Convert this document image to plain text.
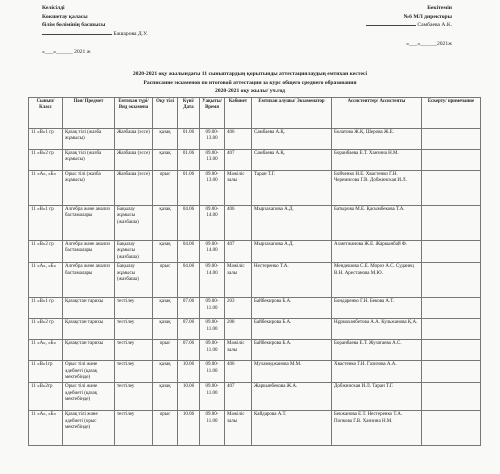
Келісілді
Көкшетау қаласы
білім бөлімінің басшысы
Башарова Д.У.
«___»______ 2021 ж
Бекітемін
№6 МЛ директоры
Самбаева А.К.
«___»______2021ж
2020-2021 оқу жылындағы 11 сыныптардың қорытынды аттестациялаудың емтихан кестесі
Расписание экзаменов по итоговой аттестации за курс общего среднего образования
2020-2021 оқу жылы/ уч.год
Сынып/ Класс	Пән/ Предмет	Емтихан түрі/ Вид экзамена	Оқу тілі	Күні/ Дата	Уақыты/ Время	Кабинет	Емтихан алушы/ Экзаменатор	Ассистенттер/ Ассистенты	Ескерту/ примечание
11 «В»1 гр	Қазақ тілі (жазба жұмысы)	Жазбаша (эссе)	қазақ	01.06	09.00-13.00	406	Самбаева А.Қ.	Болатова Ж.Қ. Шерова Ж.Е.	
11 «В»2 гр	Қазақ тілі (жазба жұмысы)	Жазбаша (эссе)	қазақ	01.06	09.00-13.00	407	Самбаева А.Қ.	Боранбаева Е.Т. Ханзина Н.М.	
11 «А», «Б»	Орыс тілі (жазба жұмысы)	Жазбаша (эссе)	орыс	01.06	09.00-13.00	Мәжіліс залы	Таран Т.Г.	Бойченко Н.Е. Хвастенко Г.Н. Черемисова Г.В. Добжинская И.Л.	
11 «В»1 гр	Алгебра және анализ бастамалары	Бақылау жұмысы (жазбаша)	қазақ	04.06	09.00-14.00	406	Мырзахапова А.Д.	Батырова М.Е. Қасымбекова Т.А.	
11 «В»2 гр	Алгебра және анализ бастамалары	Бақылау жұмысы (жазбаша)	қазақ	04.06	09.00-14.00	407	Мырзахапова А.Д.	Ахметжанова Ж.Е. Жаркынбай Ф.	
11 «А», «Б»	Алгебра және анализ бастамалары	Бақылау жұмысы (жазбаша)	орыс	04.06	09.00-14.00	Мәжіліс залы	Нестеренко Т.А.	Мендешова С.Е. Мороз А.С. Суданец В.Н. Арестанова М.Ю.	
11 «В»1 гр	Қазақстан тарихы	тестілеу	қазақ	07.06	09.00-11.00	203	Байбекирова Б.А.	Бондаренко Г.Н. Бекова А.Т.	
11 «В»2 гр	Қазақстан тарихы	тестілеу	қазақ	07.06	09.00-11.00	208	Байбекирова Б.А.	Нұрмаханбетова А.А. Кульжанова Қ.А.	
11 «А», «Б»	Қазақстан тарихы	тестілеу	орыс	07.06	09.00-11.00	Мәжіліс залы	Байбекирова Б.А.	Боранбаева Е.Т. Жузатаева А.С.	
11 «В»1гр	Орыс тілі және әдебиеті (қазақ мектебінде)	тестілеу	қазақ	10.06	09.00-11.00	406	Мухамеджанова М.М.	Хвастенко Г.Н. Газизова А.А.	
11 «В»2гр	Орыс тілі және әдебиеті (қазақ мектебінде)	тестілеу	қазақ	10.06	09.00-11.00	407	Жаркынбекова Ж.А.	Добжинская И.Л. Таран Т.Г.	
11 «А», «Б»	Қазақ тілі және әдебиеті (орыс мектебінде)	тестілеу	орыс	10.06	09.00-11.00	Мәжіліс залы	Кайдарова А.Т.	Бекжанова Е.Т. Нестеренко Т.А. Попкова Г.В. Ханзина Н.М.	
